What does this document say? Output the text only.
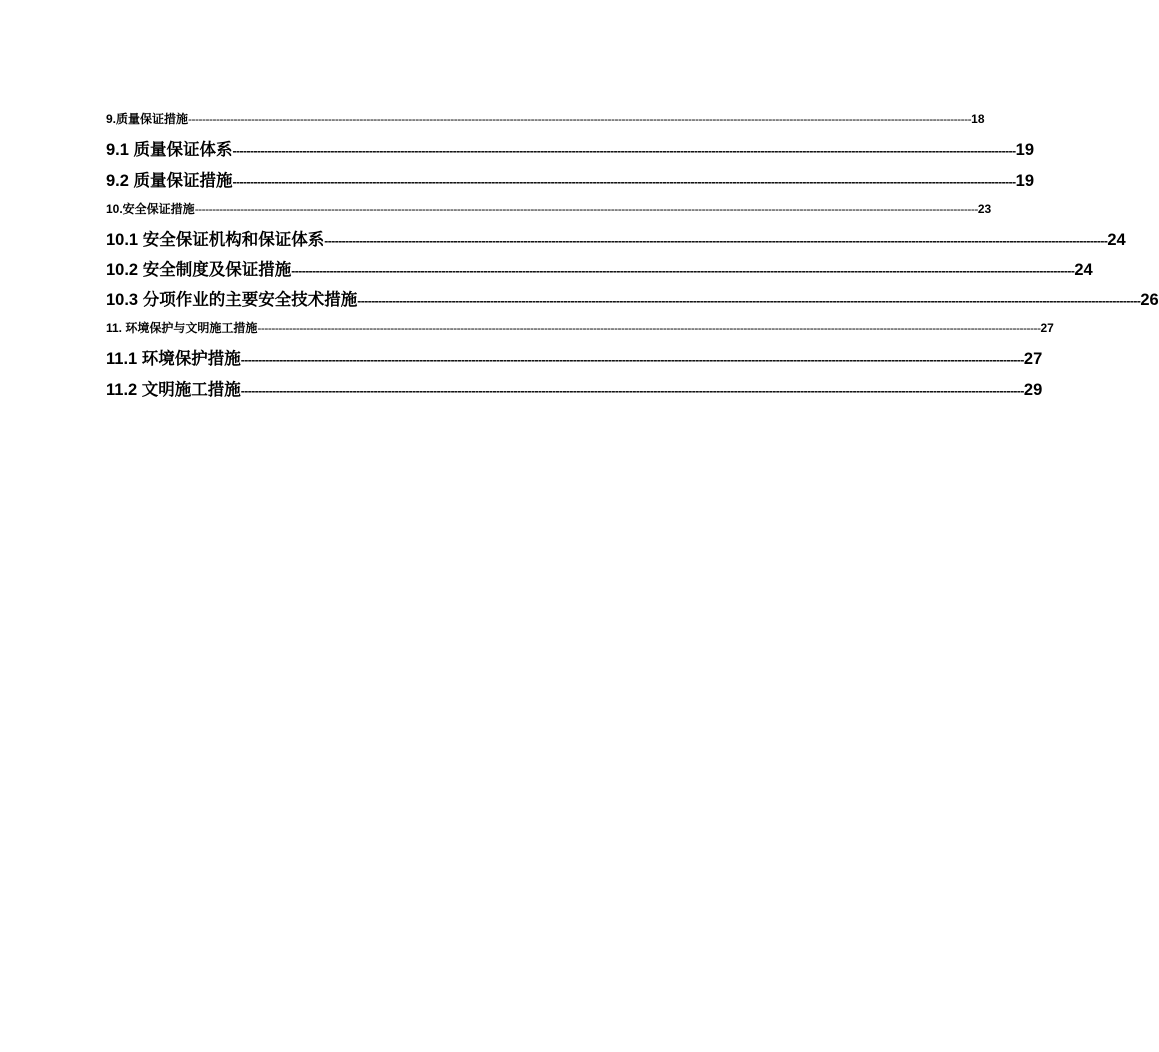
9.质量保证措施 -------------------------------------------------------------------------------------------------------------------------------------------------------------------------------------------------------------------------------- 18
9.1 质量保证体系 -------------------------------------------------------------------------------------------------------------------------------------------------------------------------------------------------------------------------------- 19
9.2 质量保证措施 -------------------------------------------------------------------------------------------------------------------------------------------------------------------------------------------------------------------------------- 19
10.安全保证措施 -------------------------------------------------------------------------------------------------------------------------------------------------------------------------------------------------------------------------------- 23
10.1 安全保证机构和保证体系 -------------------------------------------------------------------------------------------------------------------------------------------------------------------------------------------------------------------------------- 24
10.2 安全制度及保证措施 -------------------------------------------------------------------------------------------------------------------------------------------------------------------------------------------------------------------------------- 24
10.3 分项作业的主要安全技术措施 -------------------------------------------------------------------------------------------------------------------------------------------------------------------------------------------------------------------------------- 26
11. 环境保护与文明施工措施 -------------------------------------------------------------------------------------------------------------------------------------------------------------------------------------------------------------------------------- 27
11.1 环境保护措施 -------------------------------------------------------------------------------------------------------------------------------------------------------------------------------------------------------------------------------- 27
11.2 文明施工措施 -------------------------------------------------------------------------------------------------------------------------------------------------------------------------------------------------------------------------------- 29
